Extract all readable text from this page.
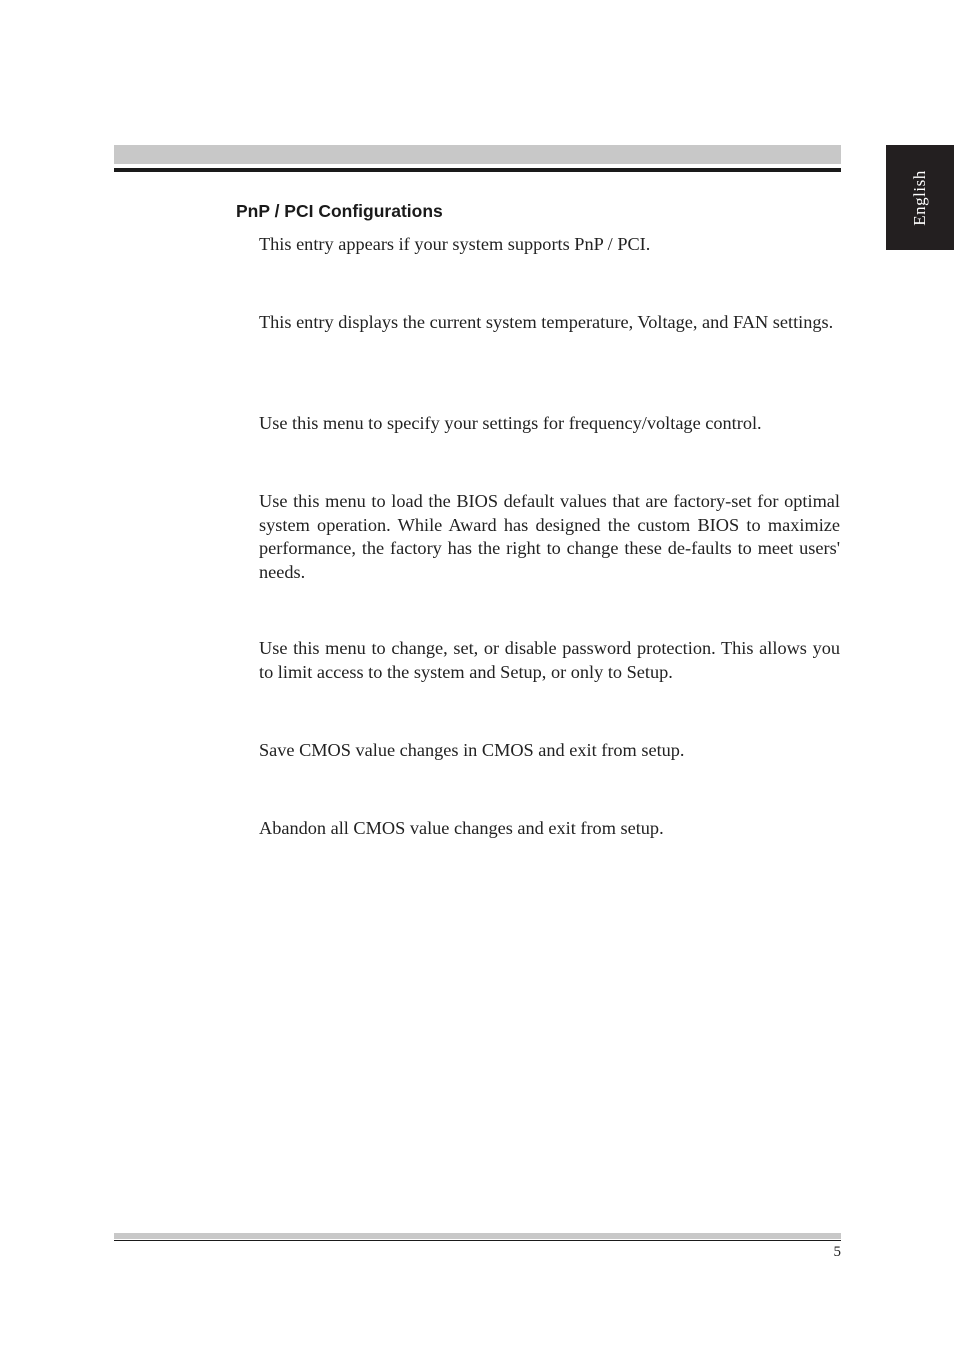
English
PnP / PCI Configurations

This entry appears if your system supports PnP / PCI.

This entry displays the current system temperature, Voltage, and FAN settings.

Use this menu to specify your settings for frequency/voltage control.

Use this menu to load the BIOS default values that are factory-set for optimal system operation. While Award has designed the custom BIOS to maximize performance, the factory has the right to change these de-faults to meet users' needs.

Use this menu to change, set, or disable password protection. This allows you to limit access to the system and Setup, or only to Setup.

Save CMOS value changes in CMOS and exit from setup.

Abandon all CMOS value changes and exit from setup.

5
